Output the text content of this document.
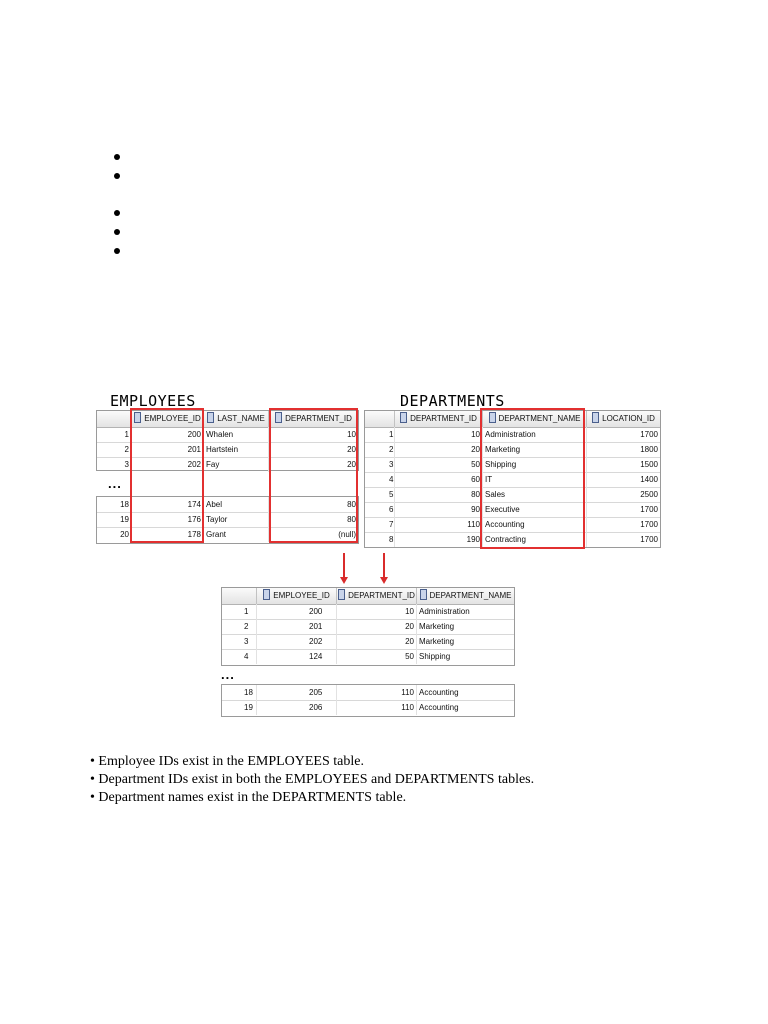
EMPLOYEES
EMPLOYEE_ID	LAST_NAME	DEPARTMENT_ID
1	200 Whalen	10
2	201 Hartstein	20
3	202 Fay	20
...
18	174 Abel	80
19	176 Taylor	80
20	178 Grant	(null)
DEPARTMENTS
DEPARTMENT_ID	DEPARTMENT_NAME	LOCATION_ID
1	10 Administration	1700
2	20 Marketing	1800
3	50 Shipping	1500
4	60 IT	1400
5	80 Sales	2500
6	90 Executive	1700
7	110 Accounting	1700
8	190 Contracting	1700
EMPLOYEE_ID	DEPARTMENT_ID	DEPARTMENT_NAME
1	200	10 Administration
2	201	20 Marketing
3	202	20 Marketing
4	124	50 Shipping
...
18	205	110 Accounting
19	206	110 Accounting
• Employee IDs exist in the EMPLOYEES table.
• Department IDs exist in both the EMPLOYEES and DEPARTMENTS tables.
• Department names exist in the DEPARTMENTS table.
